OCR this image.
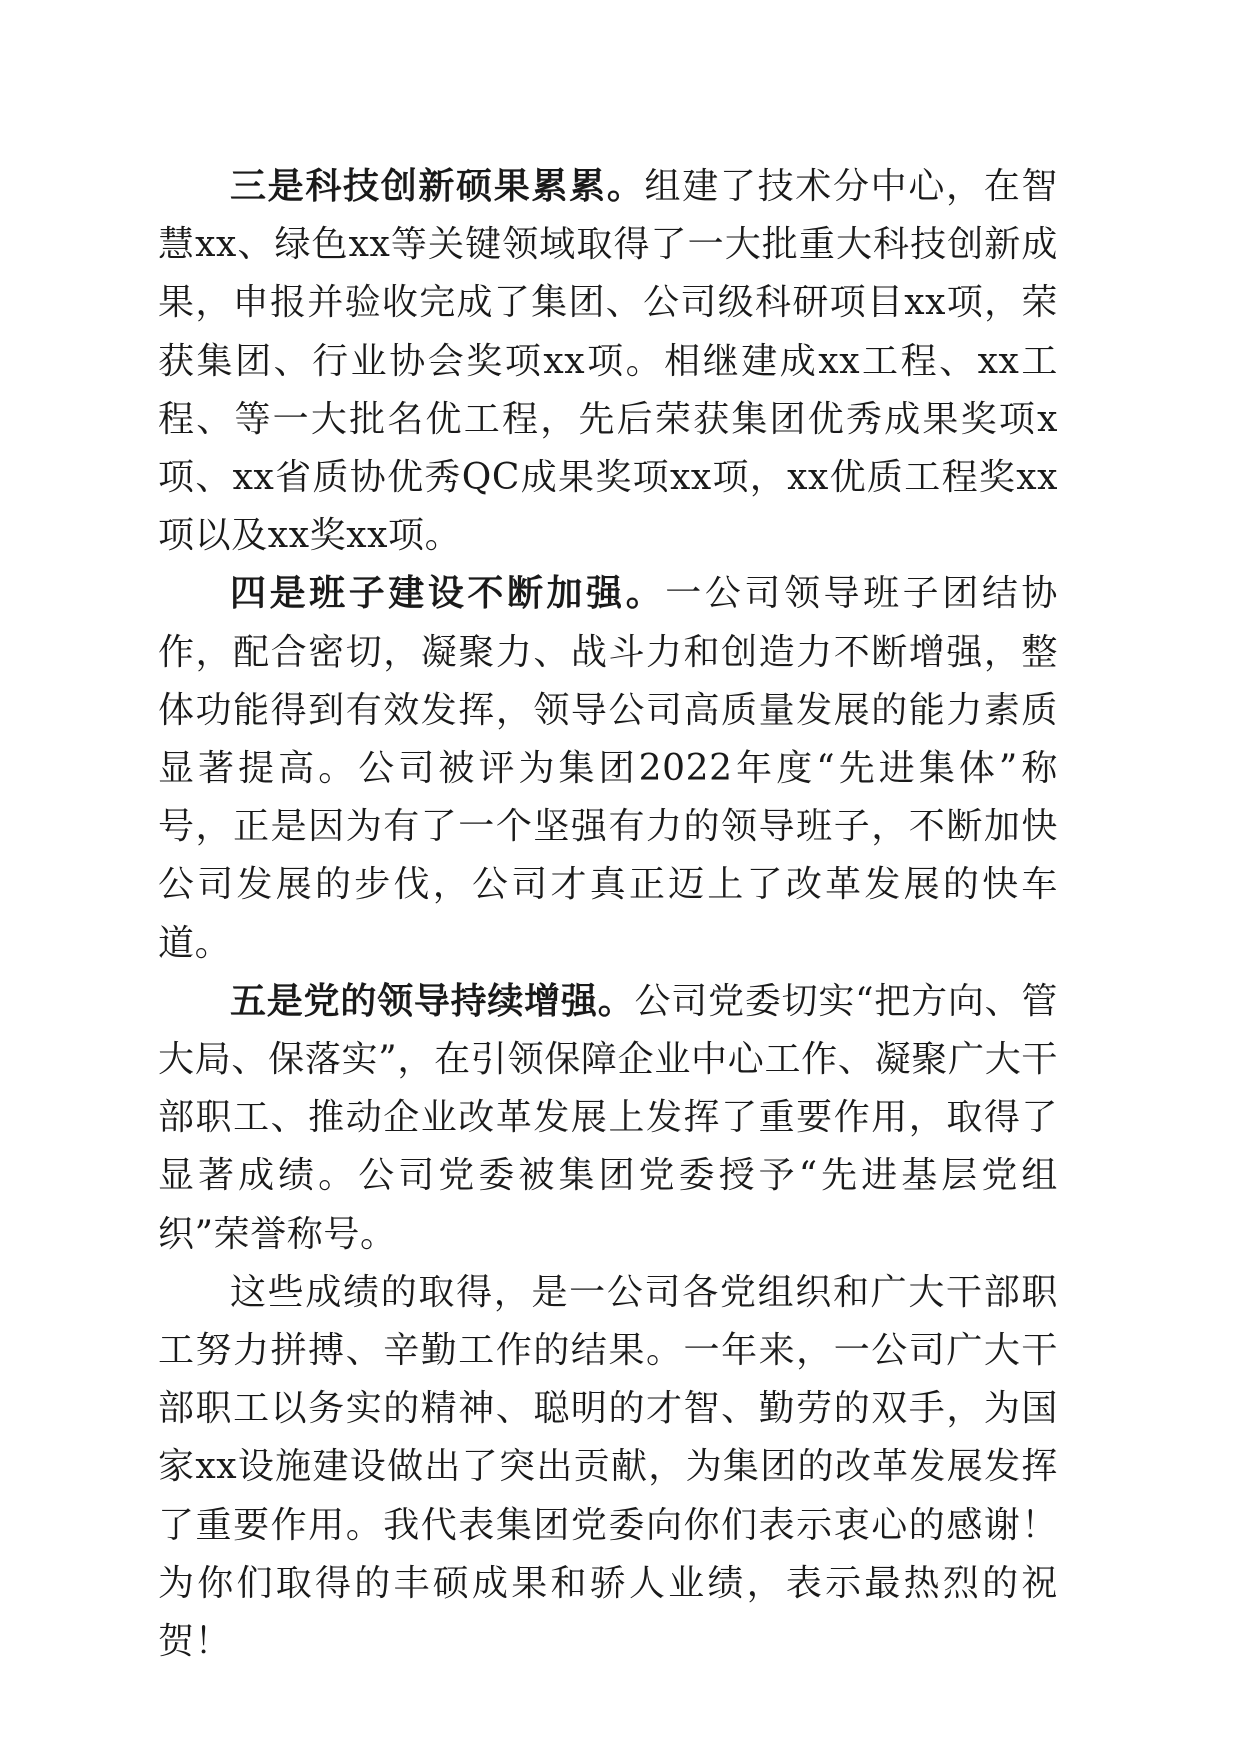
三是科技创新硕果累累。组建了技术分中心，在智慧xx、绿色xx等关键领域取得了一大批重大科技创新成果，申报并验收完成了集团、公司级科研项目xx项，荣获集团、行业协会奖项xx项。相继建成xx工程、xx工程、等一大批名优工程，先后荣获集团优秀成果奖项x项、xx省质协优秀QC成果奖项xx项，xx优质工程奖xx项以及xx奖xx项。

四是班子建设不断加强。一公司领导班子团结协作，配合密切，凝聚力、战斗力和创造力不断增强，整体功能得到有效发挥，领导公司高质量发展的能力素质显著提高。公司被评为集团2022年度“先进集体”称号，正是因为有了一个坚强有力的领导班子，不断加快公司发展的步伐，公司才真正迈上了改革发展的快车道。

五是党的领导持续增强。公司党委切实“把方向、管大局、保落实”，在引领保障企业中心工作、凝聚广大干部职工、推动企业改革发展上发挥了重要作用，取得了显著成绩。公司党委被集团党委授予“先进基层党组织”荣誉称号。

这些成绩的取得，是一公司各党组织和广大干部职工努力拼搏、辛勤工作的结果。一年来，一公司广大干部职工以务实的精神、聪明的才智、勤劳的双手，为国家xx设施建设做出了突出贡献，为集团的改革发展发挥了重要作用。我代表集团党委向你们表示衷心的感谢！为你们取得的丰硕成果和骄人业绩，表示最热烈的祝贺！
